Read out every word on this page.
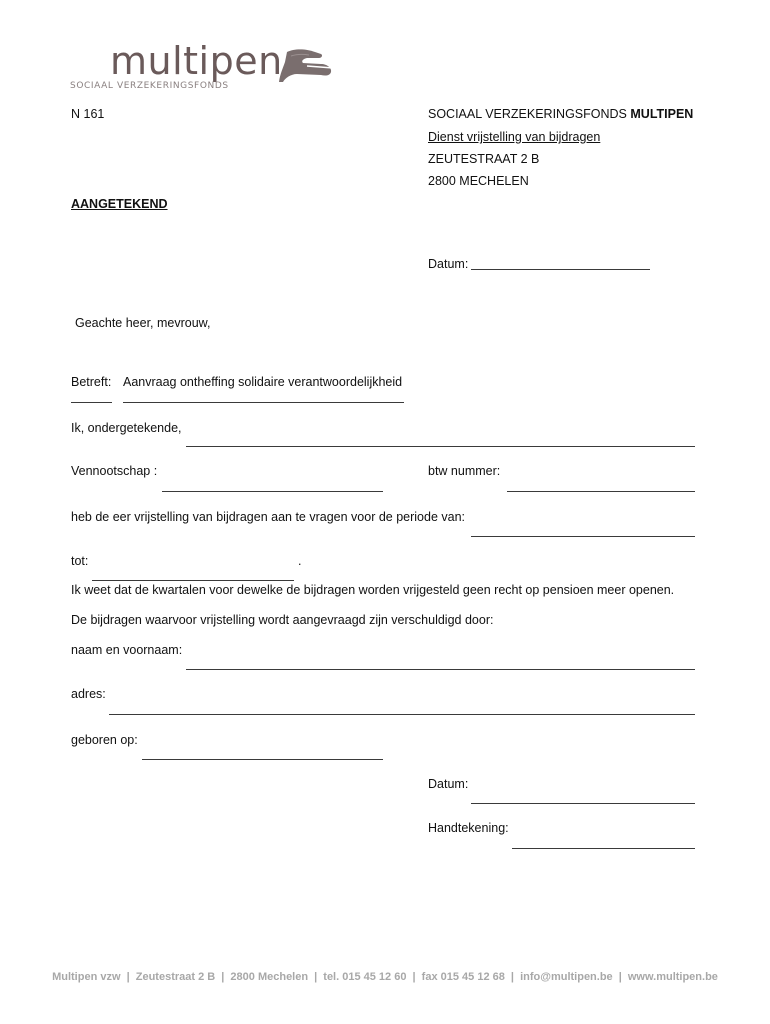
multipen
SOCIAAL VERZEKERINGSFONDS
N 161	SOCIAAL VERZEKERINGSFONDS MULTIPEN
Dienst vrijstelling van bijdragen
ZEUTESTRAAT 2 B
2800 MECHELEN
AANGETEKEND
Datum:
Geachte heer, mevrouw,
Betreft: Aanvraag ontheffing solidaire verantwoordelijkheid
Ik, ondergetekende,
Vennootschap :	btw nummer:
heb de eer vrijstelling van bijdragen aan te vragen voor de periode van:
tot:	.
Ik weet dat de kwartalen voor dewelke de bijdragen worden vrijgesteld geen recht op pensioen meer openen.
De bijdragen waarvoor vrijstelling wordt aangevraagd zijn verschuldigd door:
naam en voornaam:
adres:
geboren op:
Datum:
Handtekening:
Multipen vzw | Zeutestraat 2 B | 2800 Mechelen | tel. 015 45 12 60 | fax 015 45 12 68 | info@multipen.be | www.multipen.be
